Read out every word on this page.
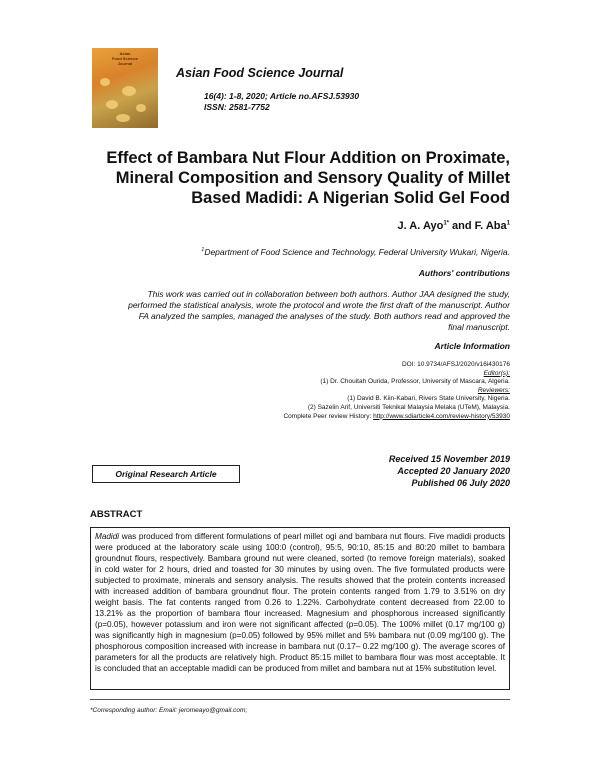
Asian
Food Science
Journal
Asian Food Science Journal
16(4): 1-8, 2020; Article no.AFSJ.53930
ISSN: 2581-7752
Effect of Bambara Nut Flour Addition on Proximate,
Mineral Composition and Sensory Quality of Millet
Based Madidi: A Nigerian Solid Gel Food
J. A. Ayo$^{1*}$ and F. Aba$^1$
$^1$Department of Food Science and Technology, Federal University Wukari, Nigeria.
Authors' contributions
This work was carried out in collaboration between both authors. Author JAA designed the study,
performed the statistical analysis, wrote the protocol and wrote the first draft of the manuscript. Author
FA analyzed the samples, managed the analyses of the study. Both authors read and approved the
final manuscript.
Article Information
DOI: 10.9734/AFSJ/2020/v16i430176
Editor(s):
(1) Dr. Chouitah Ourida, Professor, University of Mascara, Algeria.
Reviewers:
(1) David B. Kiin-Kabari, Rivers State University, Nigeria.
(2) Sazelin Arif, Universiti Teknikal Malaysia Melaka (UTeM), Malaysia.
Complete Peer review History: http://www.sdiarticle4.com/review-history/53930
Original Research Article
Received 15 November 2019
Accepted 20 January 2020
Published 06 July 2020
ABSTRACT
Madidi was produced from different formulations of pearl millet ogi and bambara nut flours. Five madidi products were produced at the laboratory scale using 100:0 (control), 95:5, 90:10, 85:15 and 80:20 millet to bambara groundnut flours, respectively. Bambara ground nut were cleaned, sorted (to remove foreign materials), soaked in cold water for 2 hours, dried and toasted for 30 minutes by using oven. The five formulated products were subjected to proximate, minerals and sensory analysis. The results showed that the protein contents increased with increased addition of bambara groundnut flour. The protein contents ranged from 1.79 to 3.51% on dry weight basis. The fat contents ranged from 0.26 to 1.22%. Carbohydrate content decreased from 22.00 to 13.21% as the proportion of bambara flour increased. Magnesium and phosphorous increased significantly (p=0.05), however potassium and iron were not significant affected (p=0.05). The 100% millet (0.17 mg/100 g) was significantly high in magnesium (p=0.05) followed by 95% millet and 5% bambara nut (0.09 mg/100 g). The phosphorous composition increased with increase in bambara nut (0.17– 0.22 mg/100 g). The average scores of parameters for all the products are relatively high. Product 85:15 millet to bambara flour was most acceptable. It is concluded that an acceptable madidi can be produced from millet and bambara nut at 15% substitution level.
*Corresponding author: Email: jeromeayo@gmail.com;
